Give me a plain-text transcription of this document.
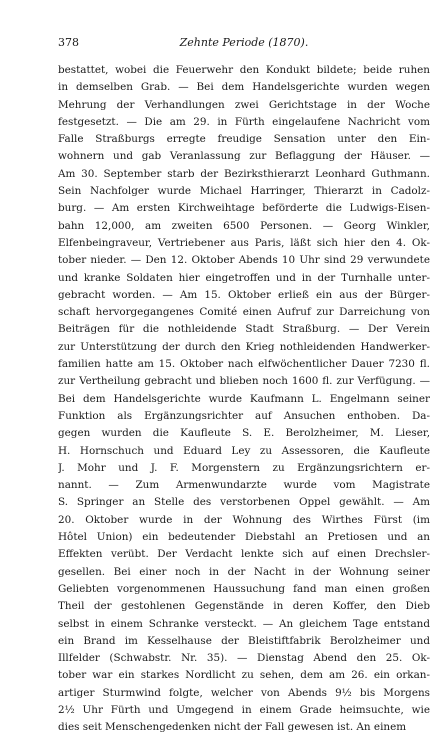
378	Zehnte Periode (1870).
bestattet, wobei die Feuerwehr den Kondukt bildete; beide ruhen
in demselben Grab. — Bei dem Handelsgerichte wurden wegen
Mehrung der Verhandlungen zwei Gerichtstage in der Woche
festgesetzt. — Die am 29. in Fürth eingelaufene Nachricht vom
Falle Straßburgs erregte freudige Sensation unter den Ein-
wohnern und gab Veranlassung zur Beflaggung der Häuser. —
Am 30. September starb der Bezirksthierarzt Leonhard Guthmann.
Sein Nachfolger wurde Michael Harringer, Thierarzt in Cadolz-
burg. — Am ersten Kirchweihtage beförderte die Ludwigs-Eisen-
bahn 12,000, am zweiten 6500 Personen. — Georg Winkler,
Elfenbeingraveur, Vertriebener aus Paris, läßt sich hier den 4. Ok-
tober nieder. — Den 12. Oktober Abends 10 Uhr sind 29 verwundete
und kranke Soldaten hier eingetroffen und in der Turnhalle unter-
gebracht worden. — Am 15. Oktober erließ ein aus der Bürger-
schaft hervorgegangenes Comité einen Aufruf zur Darreichung von
Beiträgen für die nothleidende Stadt Straßburg. — Der Verein
zur Unterstützung der durch den Krieg nothleidenden Handwerker-
familien hatte am 15. Oktober nach elfwöchentlicher Dauer 7230 fl.
zur Vertheilung gebracht und blieben noch 1600 fl. zur Verfügung. —
Bei dem Handelsgerichte wurde Kaufmann L. Engelmann seiner
Funktion als Ergänzungsrichter auf Ansuchen enthoben. Da-
gegen wurden die Kaufleute S. E. Berolzheimer, M. Lieser,
H. Hornschuch und Eduard Ley zu Assessoren, die Kaufleute
J. Mohr und J. F. Morgenstern zu Ergänzungsrichtern er-
nannt. — Zum Armenwundarzte wurde vom Magistrate
S. Springer an Stelle des verstorbenen Oppel gewählt. — Am
20. Oktober wurde in der Wohnung des Wirthes Fürst (im
Hôtel Union) ein bedeutender Diebstahl an Pretiosen und an
Effekten verübt. Der Verdacht lenkte sich auf einen Drechsler-
gesellen. Bei einer noch in der Nacht in der Wohnung seiner
Geliebten vorgenommenen Haussuchung fand man einen großen
Theil der gestohlenen Gegenstände in deren Koffer, den Dieb
selbst in einem Schranke versteckt. — An gleichem Tage entstand
ein Brand im Kesselhause der Bleistiftfabrik Berolzheimer und
Illfelder (Schwabstr. Nr. 35). — Dienstag Abend den 25. Ok-
tober war ein starkes Nordlicht zu sehen, dem am 26. ein orkan-
artiger Sturmwind folgte, welcher von Abends 9½ bis Morgens
2½ Uhr Fürth und Umgegend in einem Grade heimsuchte, wie
dies seit Menschengedenken nicht der Fall gewesen ist. An einem
